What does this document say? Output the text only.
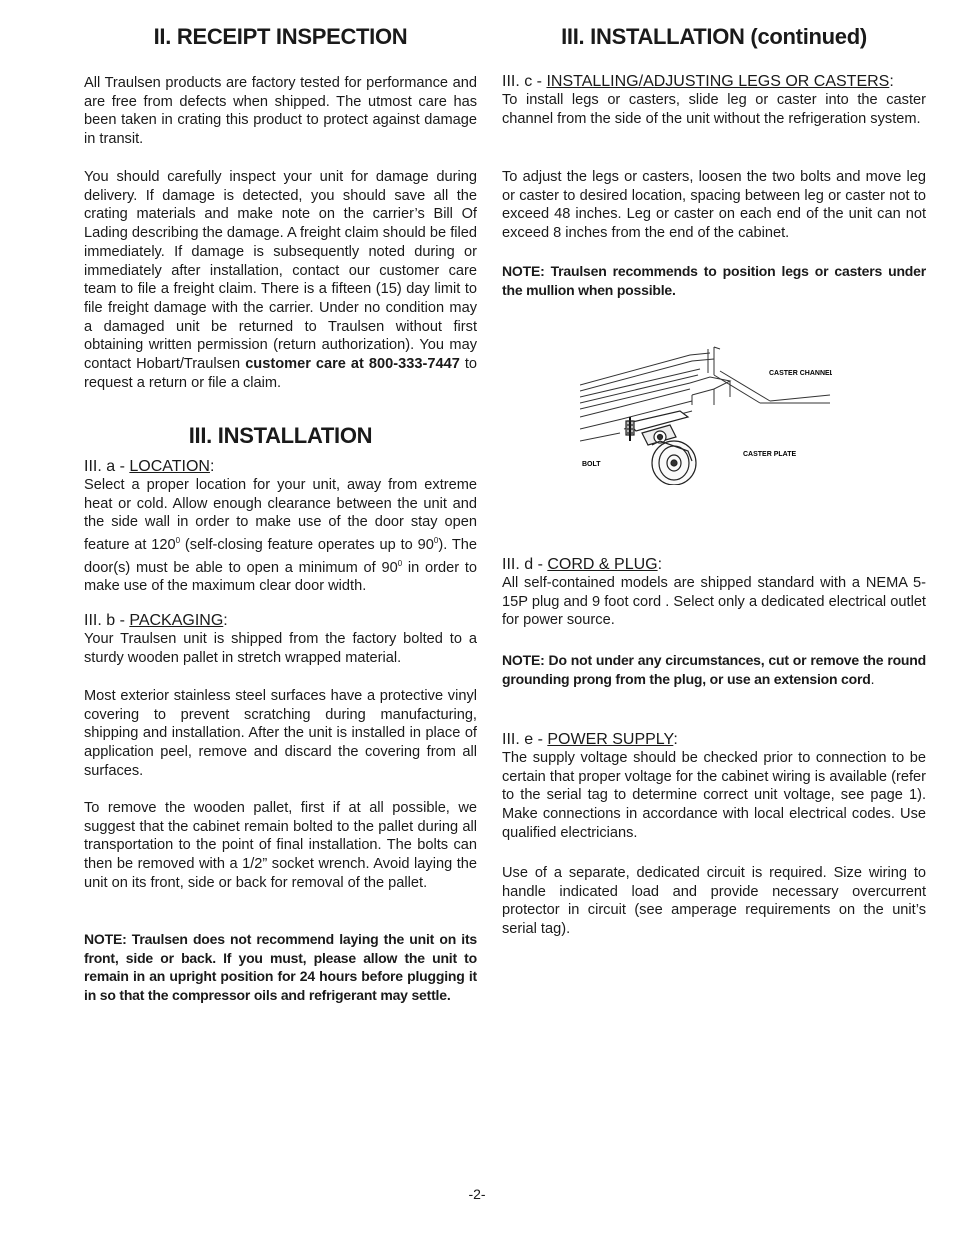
II. RECEIPT INSPECTION

All Traulsen products are factory tested for performance and are free from defects when shipped. The utmost care has been taken in crating this product to protect against damage in transit.

You should carefully inspect your unit for damage during delivery. If damage is detected, you should save all the crating materials and make note on the carrier’s Bill Of Lading describing the damage. A freight claim should be filed immediately. If damage is subsequently noted during or immediately after installation, contact our customer care team to file a freight claim. There is a fifteen (15) day limit to file freight damage with the carrier. Under no condition may a damaged unit be returned to Traulsen without first obtaining written permission (return authorization). You may contact Hobart/Traulsen customer care at 800-333-7447 to request a return or file a claim.

III. INSTALLATION
III. a - LOCATION:

Select a proper location for your unit, away from extreme heat or cold. Allow enough clearance between the unit and the side wall in order to make use of the door stay open feature at $120^0$ (self-closing feature operates up to $90^0$). The door(s) must be able to open a minimum of $90^0$ in order to make use of the maximum clear door width.

III. b - PACKAGING:

Your Traulsen unit is shipped from the factory bolted to a sturdy wooden pallet in stretch wrapped material.

Most exterior stainless steel surfaces have a protective vinyl covering to prevent scratching during manufacturing, shipping and installation. After the unit is installed in place of application peel, remove and discard the covering from all surfaces.

To remove the wooden pallet, first if at all possible, we suggest that the cabinet remain bolted to the pallet during all transportation to the point of final installation. The bolts can then be removed with a 1/2” socket wrench. Avoid laying the unit on its front, side or back for removal of the pallet.

NOTE: Traulsen does not recommend laying the unit on its front, side or back. If you must, please allow the unit to remain in an upright position for 24 hours before plugging it in so that the compressor oils and refrigerant may settle.

III. INSTALLATION (continued)
III. c - INSTALLING/ADJUSTING LEGS OR CASTERS:

To install legs or casters, slide leg or caster into the caster channel from the side of the unit without the refrigeration system.

To adjust the legs or casters, loosen the two bolts and move leg or caster to desired location, spacing between leg or caster not to exceed 48 inches. Leg or caster on each end of the unit can not exceed 8 inches from the end of the cabinet.

NOTE: Traulsen recommends to position legs or casters under the mullion when possible.

CASTER CHANNEL
CASTER PLATE
BOLT
III. d - CORD & PLUG:

All self-contained models are shipped standard with a NEMA 5-15P plug and 9 foot cord . Select only a dedicated electrical outlet for power source.

NOTE: Do not under any circumstances, cut or remove the round grounding prong from the plug, or use an extension cord.

III. e - POWER SUPPLY:

The supply voltage should be checked prior to connection to be certain that proper voltage for the cabinet wiring is available (refer to the serial tag to determine correct unit voltage, see page 1). Make connections in accordance with local electrical codes. Use qualified electricians.

Use of a separate, dedicated circuit is required. Size wiring to handle indicated load and provide necessary overcurrent protector in circuit (see amperage requirements on the unit’s serial tag).

-2-
